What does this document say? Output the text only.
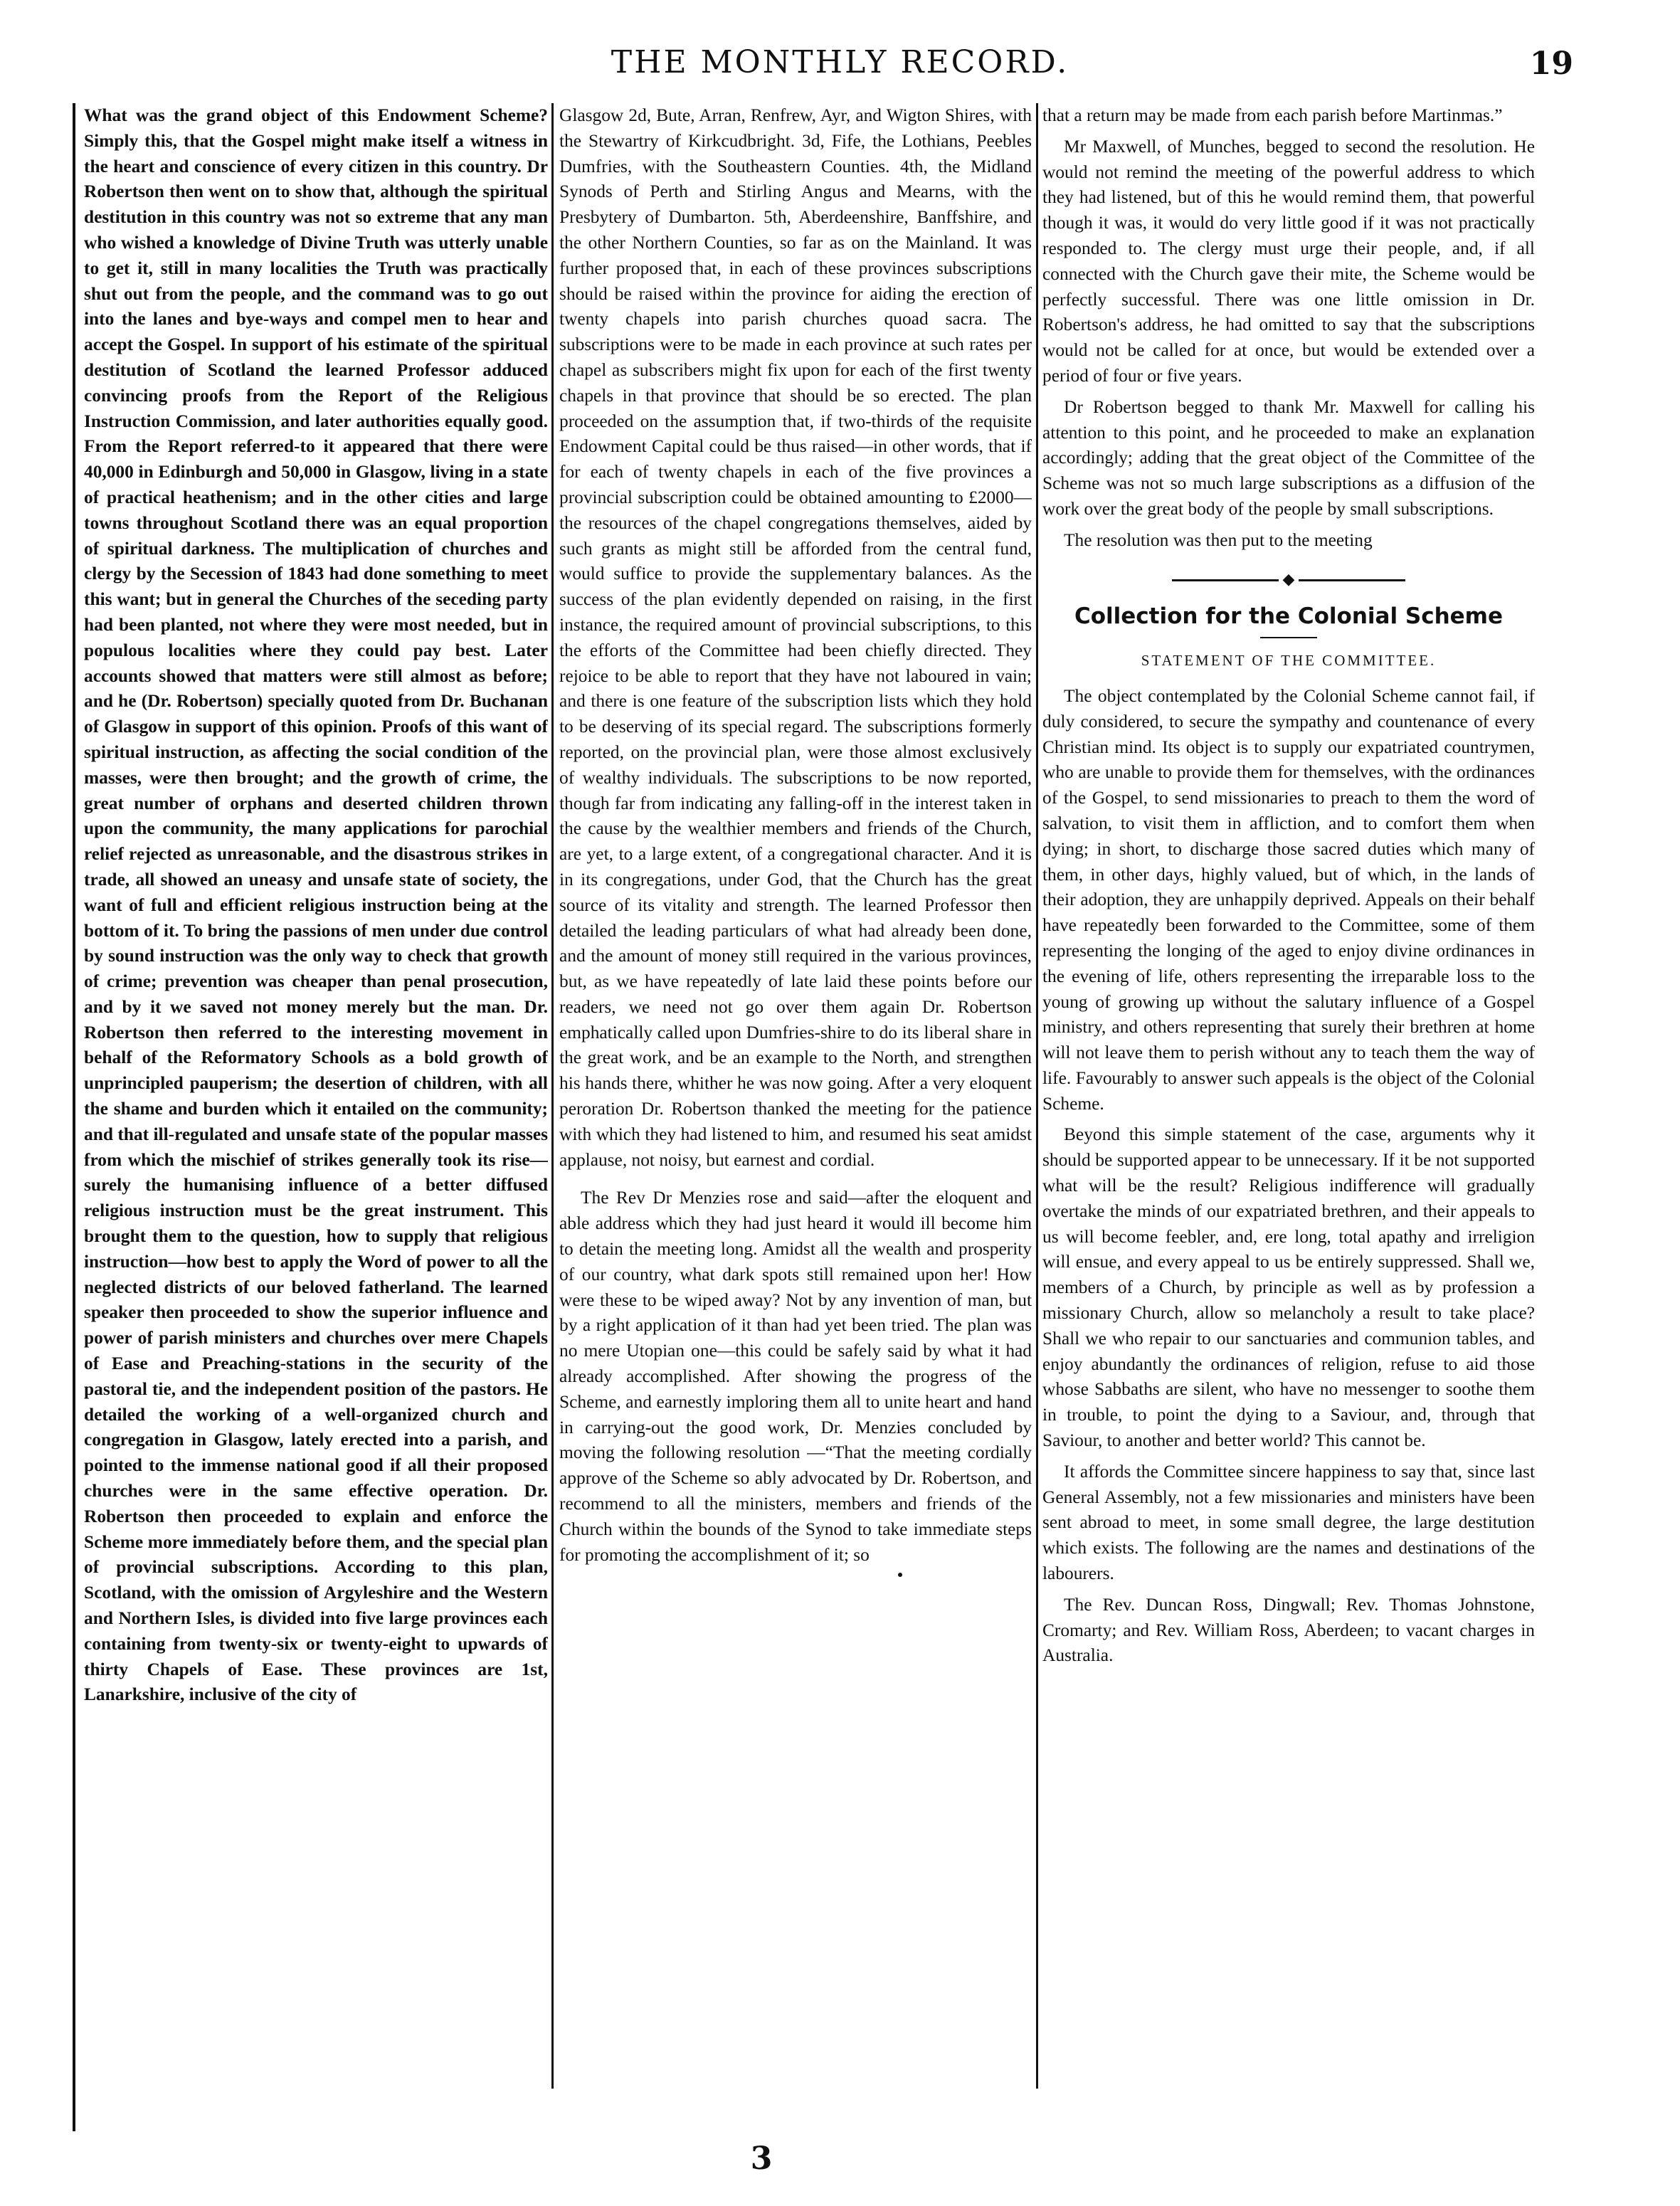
THE MONTHLY RECORD.	19

What was the grand object of this Endowment Scheme? Simply this, that the Gospel might make itself a witness in the heart and conscience of every citizen in this country. Dr Robertson then went on to show that, although the spiritual destitution in this country was not so extreme that any man who wished a knowledge of Divine Truth was utterly unable to get it, still in many localities the Truth was practically shut out from the people, and the command was to go out into the lanes and bye-ways and compel men to hear and accept the Gospel. In support of his estimate of the spiritual destitution of Scotland the learned Professor adduced convincing proofs from the Report of the Religious Instruction Commission, and later authorities equally good. From the Report referred-to it appeared that there were 40,000 in Edinburgh and 50,000 in Glasgow, living in a state of practical heathenism; and in the other cities and large towns throughout Scotland there was an equal proportion of spiritual darkness. The multiplication of churches and clergy by the Secession of 1843 had done something to meet this want; but in general the Churches of the seceding party had been planted, not where they were most needed, but in populous localities where they could pay best. Later accounts showed that matters were still almost as before; and he (Dr. Robertson) specially quoted from Dr. Buchanan of Glasgow in support of this opinion. Proofs of this want of spiritual instruction, as affecting the social condition of the masses, were then brought; and the growth of crime, the great number of orphans and deserted children thrown upon the community, the many applications for parochial relief rejected as unreasonable, and the disastrous strikes in trade, all showed an uneasy and unsafe state of society, the want of full and efficient religious instruction being at the bottom of it. To bring the passions of men under due control by sound instruction was the only way to check that growth of crime; prevention was cheaper than penal prosecution, and by it we saved not money merely but the man. Dr. Robertson then referred to the interesting movement in behalf of the Reformatory Schools as a bold growth of unprincipled pauperism; the desertion of children, with all the shame and burden which it entailed on the community; and that ill-regulated and unsafe state of the popular masses from which the mischief of strikes generally took its rise—surely the humanising influence of a better diffused religious instruction must be the great instrument. This brought them to the question, how to supply that religious instruction—how best to apply the Word of power to all the neglected districts of our beloved fatherland. The learned speaker then proceeded to show the superior influence and power of parish ministers and churches over mere Chapels of Ease and Preaching-stations in the security of the pastoral tie, and the independent position of the pastors. He detailed the working of a well-organized church and congregation in Glasgow, lately erected into a parish, and pointed to the immense national good if all their proposed churches were in the same effective operation. Dr. Robertson then proceeded to explain and enforce the Scheme more immediately before them, and the special plan of provincial subscriptions. According to this plan, Scotland, with the omission of Argyleshire and the Western and Northern Isles, is divided into five large provinces each containing from twenty-six or twenty-eight to upwards of thirty Chapels of Ease. These provinces are 1st, Lanarkshire, inclusive of the city of

Glasgow 2d, Bute, Arran, Renfrew, Ayr, and Wigton Shires, with the Stewartry of Kirkcudbright. 3d, Fife, the Lothians, Peebles Dumfries, with the Southeastern Counties. 4th, the Midland Synods of Perth and Stirling Angus and Mearns, with the Presbytery of Dumbarton. 5th, Aberdeenshire, Banffshire, and the other Northern Counties, so far as on the Mainland. It was further proposed that, in each of these provinces subscriptions should be raised within the province for aiding the erection of twenty chapels into parish churches quoad sacra. The subscriptions were to be made in each province at such rates per chapel as subscribers might fix upon for each of the first twenty chapels in that province that should be so erected. The plan proceeded on the assumption that, if two-thirds of the requisite Endowment Capital could be thus raised—in other words, that if for each of twenty chapels in each of the five provinces a provincial subscription could be obtained amounting to £2000—the resources of the chapel congregations themselves, aided by such grants as might still be afforded from the central fund, would suffice to provide the supplementary balances. As the success of the plan evidently depended on raising, in the first instance, the required amount of provincial subscriptions, to this the efforts of the Committee had been chiefly directed. They rejoice to be able to report that they have not laboured in vain; and there is one feature of the subscription lists which they hold to be deserving of its special regard. The subscriptions formerly reported, on the provincial plan, were those almost exclusively of wealthy individuals. The subscriptions to be now reported, though far from indicating any falling-off in the interest taken in the cause by the wealthier members and friends of the Church, are yet, to a large extent, of a congregational character. And it is in its congregations, under God, that the Church has the great source of its vitality and strength. The learned Professor then detailed the leading particulars of what had already been done, and the amount of money still required in the various provinces, but, as we have repeatedly of late laid these points before our readers, we need not go over them again Dr. Robertson emphatically called upon Dumfries-shire to do its liberal share in the great work, and be an example to the North, and strengthen his hands there, whither he was now going. After a very eloquent peroration Dr. Robertson thanked the meeting for the patience with which they had listened to him, and resumed his seat amidst applause, not noisy, but earnest and cordial.

The Rev Dr Menzies rose and said—after the eloquent and able address which they had just heard it would ill become him to detain the meeting long. Amidst all the wealth and prosperity of our country, what dark spots still remained upon her! How were these to be wiped away? Not by any invention of man, but by a right application of it than had yet been tried. The plan was no mere Utopian one—this could be safely said by what it had already accomplished. After showing the progress of the Scheme, and earnestly imploring them all to unite heart and hand in carrying-out the good work, Dr. Menzies concluded by moving the following resolution —“That the meeting cordially approve of the Scheme so ably advocated by Dr. Robertson, and recommend to all the ministers, members and friends of the Church within the bounds of the Synod to take immediate steps for promoting the accomplishment of it; so

that a return may be made from each parish before Martinmas.”

Mr Maxwell, of Munches, begged to second the resolution. He would not remind the meeting of the powerful address to which they had listened, but of this he would remind them, that powerful though it was, it would do very little good if it was not practically responded to. The clergy must urge their people, and, if all connected with the Church gave their mite, the Scheme would be perfectly successful. There was one little omission in Dr. Robertson's address, he had omitted to say that the subscriptions would not be called for at once, but would be extended over a period of four or five years.

Dr Robertson begged to thank Mr. Maxwell for calling his attention to this point, and he proceeded to make an explanation accordingly; adding that the great object of the Committee of the Scheme was not so much large subscriptions as a diffusion of the work over the great body of the people by small subscriptions.

The resolution was then put to the meeting

◆
Collection for the Colonial Scheme
STATEMENT OF THE COMMITTEE.

The object contemplated by the Colonial Scheme cannot fail, if duly considered, to secure the sympathy and countenance of every Christian mind. Its object is to supply our expatriated countrymen, who are unable to provide them for themselves, with the ordinances of the Gospel, to send missionaries to preach to them the word of salvation, to visit them in affliction, and to comfort them when dying; in short, to discharge those sacred duties which many of them, in other days, highly valued, but of which, in the lands of their adoption, they are unhappily deprived. Appeals on their behalf have repeatedly been forwarded to the Committee, some of them representing the longing of the aged to enjoy divine ordinances in the evening of life, others representing the irreparable loss to the young of growing up without the salutary influence of a Gospel ministry, and others representing that surely their brethren at home will not leave them to perish without any to teach them the way of life. Favourably to answer such appeals is the object of the Colonial Scheme.

Beyond this simple statement of the case, arguments why it should be supported appear to be unnecessary. If it be not supported what will be the result? Religious indifference will gradually overtake the minds of our expatriated brethren, and their appeals to us will become feebler, and, ere long, total apathy and irreligion will ensue, and every appeal to us be entirely suppressed. Shall we, members of a Church, by principle as well as by profession a missionary Church, allow so melancholy a result to take place? Shall we who repair to our sanctuaries and communion tables, and enjoy abundantly the ordinances of religion, refuse to aid those whose Sabbaths are silent, who have no messenger to soothe them in trouble, to point the dying to a Saviour, and, through that Saviour, to another and better world? This cannot be.

It affords the Committee sincere happiness to say that, since last General Assembly, not a few missionaries and ministers have been sent abroad to meet, in some small degree, the large destitution which exists. The following are the names and destinations of the labourers.

The Rev. Duncan Ross, Dingwall; Rev. Thomas Johnstone, Cromarty; and Rev. William Ross, Aberdeen; to vacant charges in Australia.

3
